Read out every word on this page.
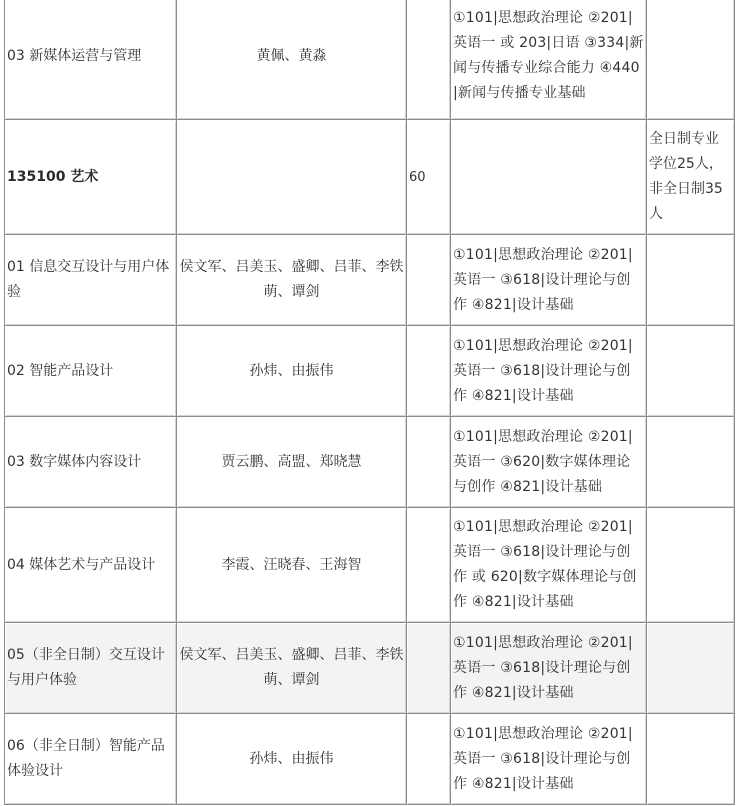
03 新媒体运营与管理	黄佩、黄淼		①101|思想政治理论 ②201|英语一 或 203|日语 ③334|新闻与传播专业综合能力 ④440|新闻与传播专业基础	
135100 艺术		60		全日制专业学位25人，非全日制35人
01 信息交互设计与用户体验	侯文军、吕美玉、盛卿、吕菲、李铁萌、谭剑		①101|思想政治理论 ②201|英语一 ③618|设计理论与创作 ④821|设计基础	
02 智能产品设计	孙炜、由振伟		①101|思想政治理论 ②201|英语一 ③618|设计理论与创作 ④821|设计基础	
03 数字媒体内容设计	贾云鹏、高盟、郑晓慧		①101|思想政治理论 ②201|英语一 ③620|数字媒体理论与创作 ④821|设计基础	
04 媒体艺术与产品设计	李霞、汪晓春、王海智		①101|思想政治理论 ②201|英语一 ③618|设计理论与创作 或 620|数字媒体理论与创作 ④821|设计基础	
05（非全日制）交互设计与用户体验	侯文军、吕美玉、盛卿、吕菲、李铁萌、谭剑		①101|思想政治理论 ②201|英语一 ③618|设计理论与创作 ④821|设计基础	
06（非全日制）智能产品体验设计	孙炜、由振伟		①101|思想政治理论 ②201|英语一 ③618|设计理论与创作 ④821|设计基础	
